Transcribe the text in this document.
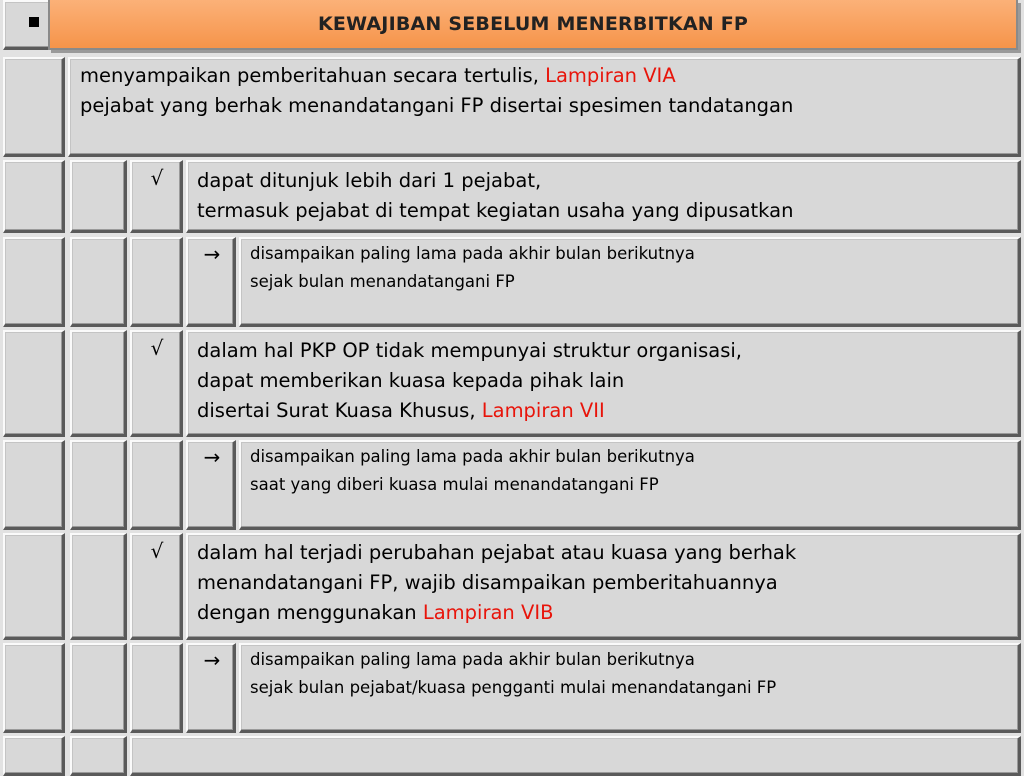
KEWAJIBAN SEBELUM MENERBITKAN FP
menyampaikan pemberitahuan secara tertulis, Lampiran VIA
pejabat yang berhak menandatangani FP disertai spesimen tandatangan
√ dapat ditunjuk lebih dari 1 pejabat,
termasuk pejabat di tempat kegiatan usaha yang dipusatkan
→ disampaikan paling lama pada akhir bulan berikutnya
sejak bulan menandatangani FP
√ dalam hal PKP OP tidak mempunyai struktur organisasi,
dapat memberikan kuasa kepada pihak lain
disertai Surat Kuasa Khusus, Lampiran VII
→ disampaikan paling lama pada akhir bulan berikutnya
saat yang diberi kuasa mulai menandatangani FP
√ dalam hal terjadi perubahan pejabat atau kuasa yang berhak
menandatangani FP, wajib disampaikan pemberitahuannya
dengan menggunakan Lampiran VIB
→ disampaikan paling lama pada akhir bulan berikutnya
sejak bulan pejabat/kuasa pengganti mulai menandatangani FP
